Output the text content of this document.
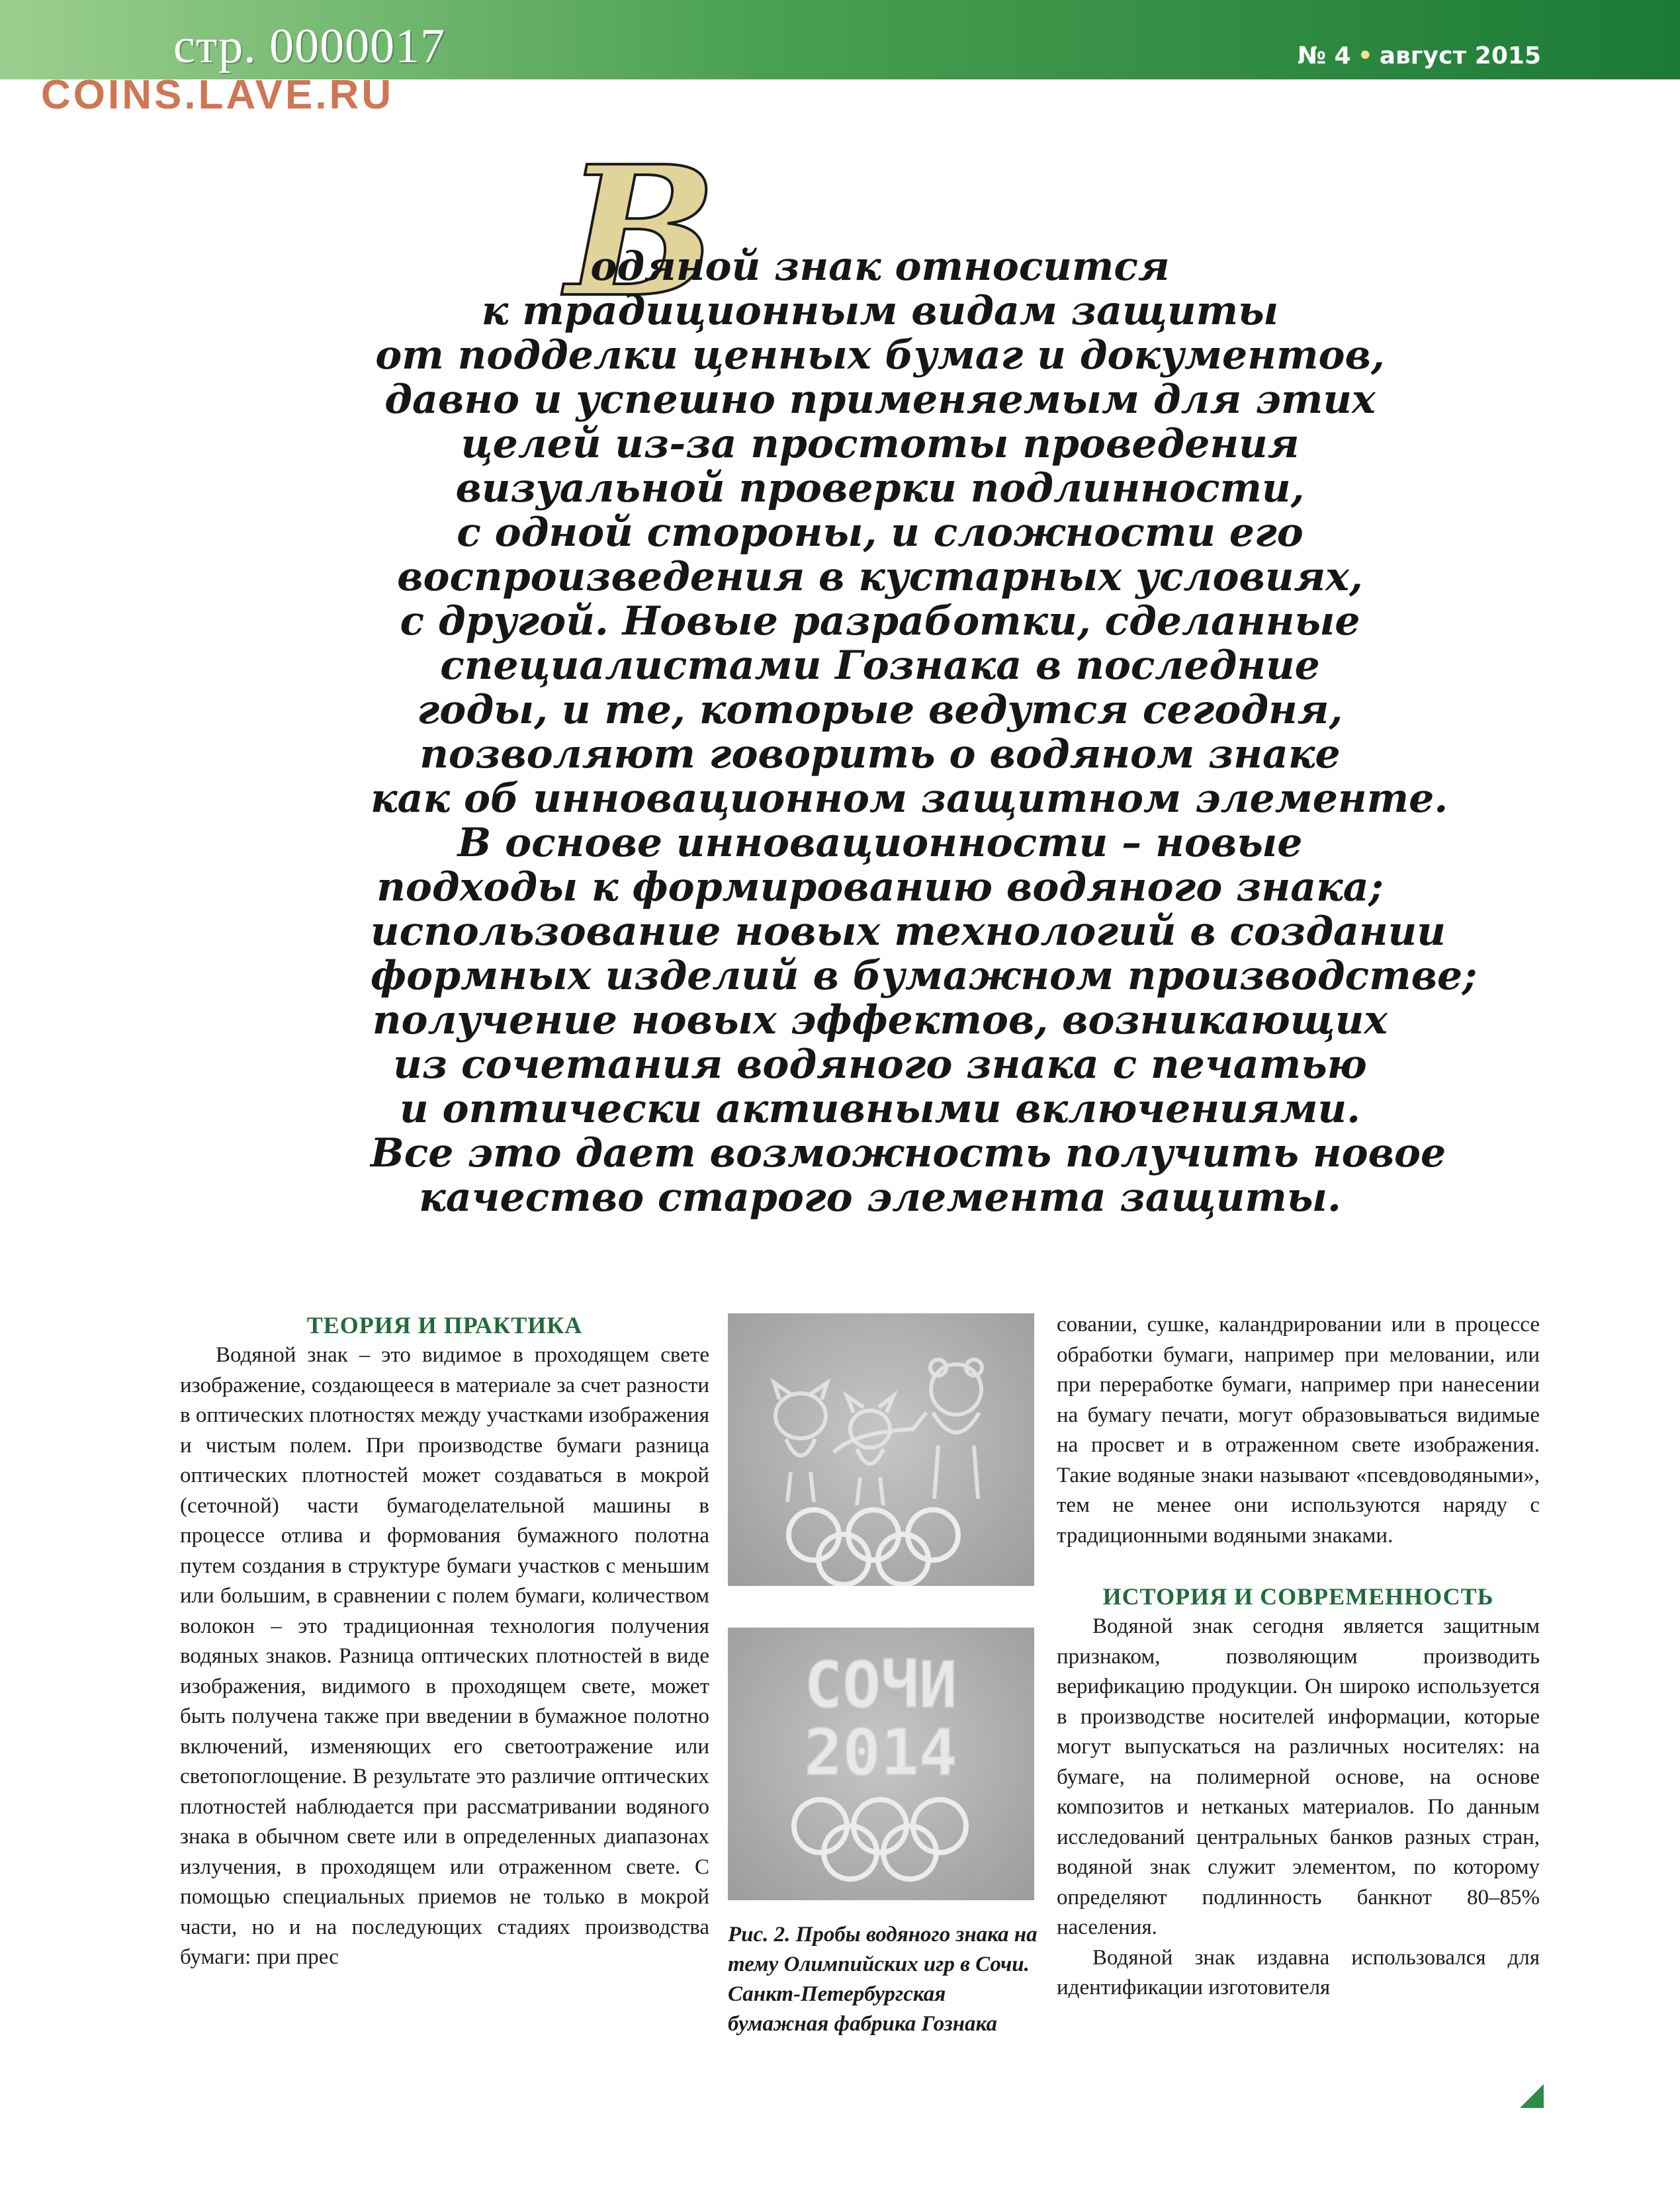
стр. 0000017
COINS.LAVE.RU
№ 4 • август 2015
В
одяной знак относится
к традиционным видам защиты
от подделки ценных бумаг и документов,
давно и успешно применяемым для этих
целей из-за простоты проведения
визуальной проверки подлинности,
с одной стороны, и сложности его
воспроизведения в кустарных условиях,
с другой. Новые разработки, сделанные
специалистами Гознака в последние
годы, и те, которые ведутся сегодня,
позволяют говорить о водяном знаке
как об инновационном защитном элементе.
В основе инновационности – новые
подходы к формированию водяного знака;
использование новых технологий в создании
формных изделий в бумажном производстве;
получение новых эффектов, возникающих
из сочетания водяного знака с печатью
и оптически активными включениями.
Все это дает возможность получить новое
качество старого элемента защиты.
ТЕОРИЯ И ПРАКТИКА

Водяной знак – это видимое в проходящем свете изображение, создающееся в материале за счет разности в оптических плотностях между участками изображения и чистым полем. При производстве бумаги разница оптических плотностей может создаваться в мокрой (сеточной) части бумагоделательной машины в процессе отлива и формования бумажного полотна путем создания в структуре бумаги участков с меньшим или большим, в сравнении с полем бумаги, количеством волокон – это традиционная технология получения водяных знаков. Разница оптических плотностей в виде изображения, видимого в проходящем свете, может быть получена также при введении в бумажное полотно включений, изменяющих его светоотражение или светопоглощение. В результате это различие оптических плотностей наблюдается при рассматривании водяного знака в обычном свете или в определенных диапазонах излучения, в проходящем или отраженном свете. С помощью специальных приемов не только в мокрой части, но и на последующих стадиях производства бумаги: при прес

СОЧИ
2014
Рис. 2. Пробы водяного знака на тему Олимпийских игр в Сочи. Санкт-Петербургская бумажная фабрика Гознака

совании, сушке, каландрировании или в процессе обработки бумаги, например при меловании, или при переработке бумаги, например при нанесении на бумагу печати, могут образовываться видимые на просвет и в отраженном свете изображения. Такие водяные знаки называют «псевдоводяными», тем не менее они используются наряду с традиционными водяными знаками.

ИСТОРИЯ И СОВРЕМЕННОСТЬ

Водяной знак сегодня является защитным признаком, позволяющим производить верификацию продукции. Он широко используется в производстве носителей информации, которые могут выпускаться на различных носителях: на бумаге, на полимерной основе, на основе композитов и нетканых материалов. По данным исследований центральных банков разных стран, водяной знак служит элементом, по которому определяют подлинность банкнот 80–85% населения.

Водяной знак издавна использовался для идентификации изготовителя
